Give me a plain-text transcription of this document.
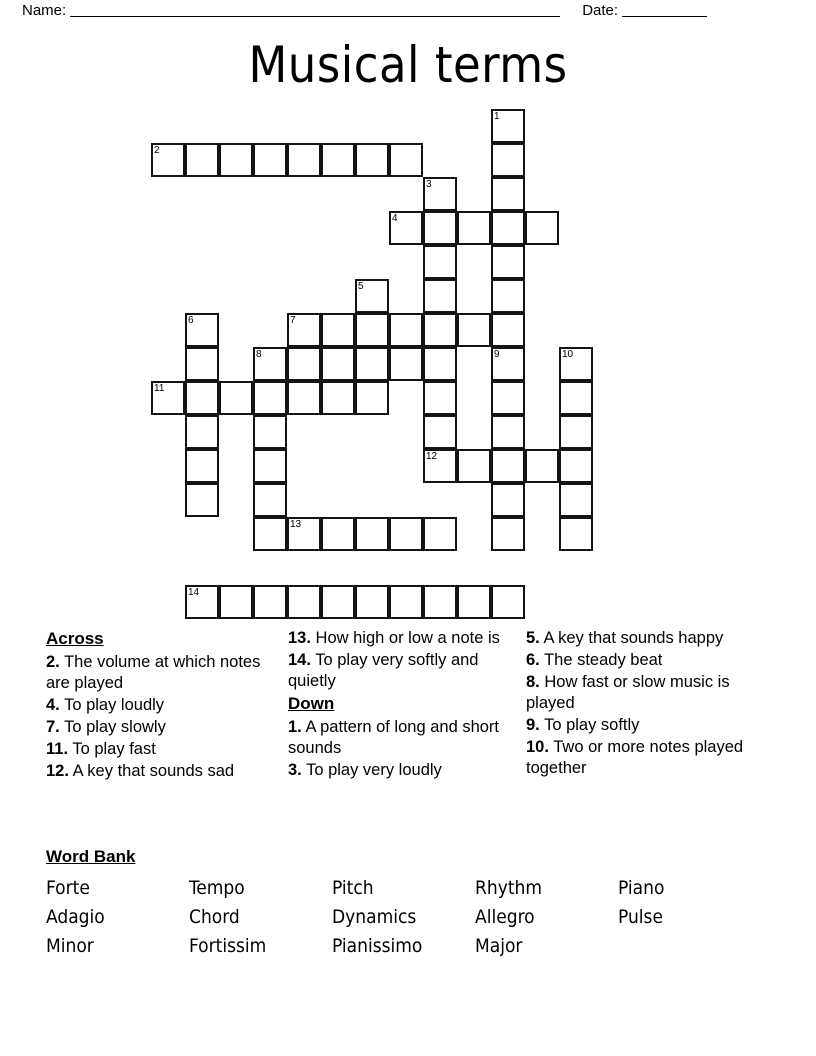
Name:	Date:
Musical terms
1
2
3
4
5
6	7
8	9	10
11
12
13
14
Across
2. The volume at which notes are played
4. To play loudly
7. To play slowly
11. To play fast
12. A key that sounds sad
13. How high or low a note is
14. To play very softly and quietly
Down
1. A pattern of long and short sounds
3. To play very loudly
5. A key that sounds happy
6. The steady beat
8. How fast or slow music is played
9. To play softly
10. Two or more notes played together
Word Bank
Forte	Tempo	Pitch	Rhythm	Piano
Adagio	Chord	Dynamics	Allegro	Pulse
Minor	Fortissim	Pianissimo	Major
